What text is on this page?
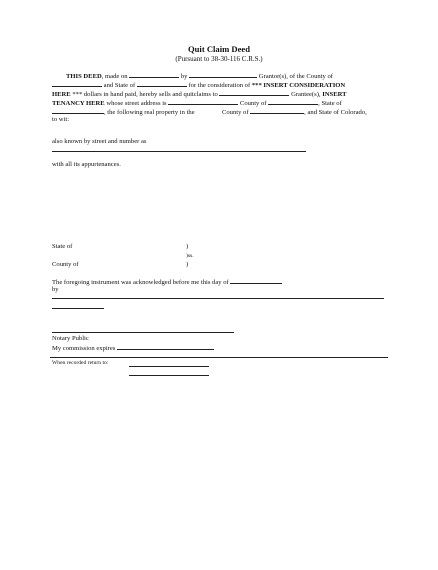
Quit Claim Deed
(Pursuant to 38-30-116 C.R.S.)
THIS DEED, made on	by	Grantor(s), of the County of
and State of	for the consideration of *** INSERT CONSIDERATION
HERE *** dollars in hand paid, hereby sells and quitclaims to	Grantee(s), INSERT
TENANCY HERE whose street address is	County of	, State of
, the following real property in the	County of	, and State of Colorado,
to wit:
also known by street and number as
with all its appurtenances.
State of	)
)ss.
County of	)
The foregoing instrument was acknowledged before me this day of
by
Notary Public
My commission expires
When recorded return to:
